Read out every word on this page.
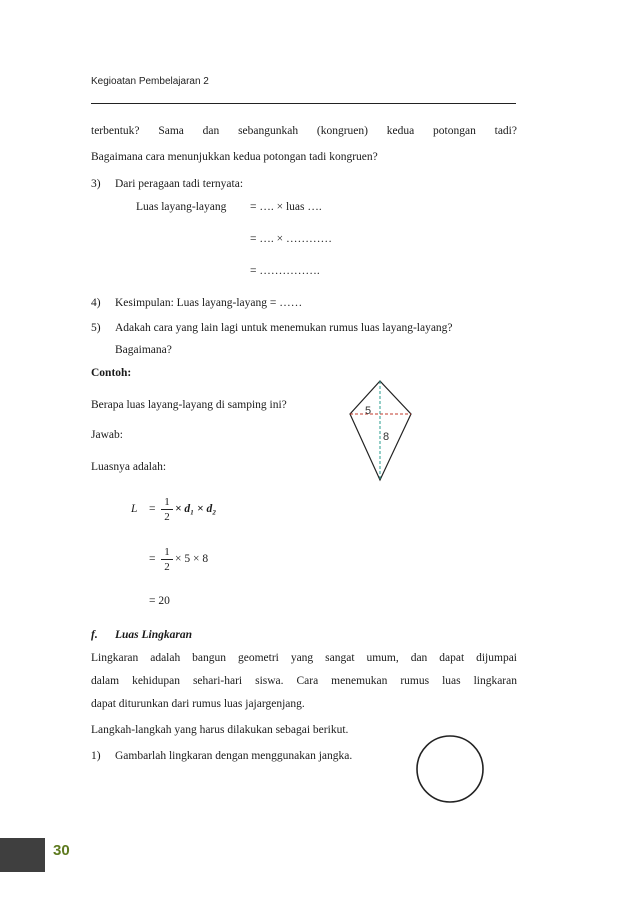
Kegioatan Pembelajaran 2
terbentuk? Sama dan sebangunkah (kongruen) kedua potongan tadi?
Bagaimana cara menunjukkan kedua potongan tadi kongruen?
3) Dari peragaan tadi ternyata:
Luas layang-layang = …. × luas ….
= …. × …………
= …………….
4) Kesimpulan: Luas layang-layang = ……
5) Adakah cara yang lain lagi untuk menemukan rumus luas layang-layang?
Bagaimana?
Contoh:
Berapa luas layang-layang di samping ini?
Jawab:
Luasnya adalah:
5
8
L =
1
2
× d₁ × d₂
=
1
2
× 5 × 8
= 20
f. Luas Lingkaran
Lingkaran adalah bangun geometri yang sangat umum, dan dapat dijumpai
dalam kehidupan sehari-hari siswa. Cara menemukan rumus luas lingkaran
dapat diturunkan dari rumus luas jajargenjang.
Langkah-langkah yang harus dilakukan sebagai berikut.
1) Gambarlah lingkaran dengan menggunakan jangka.
30
